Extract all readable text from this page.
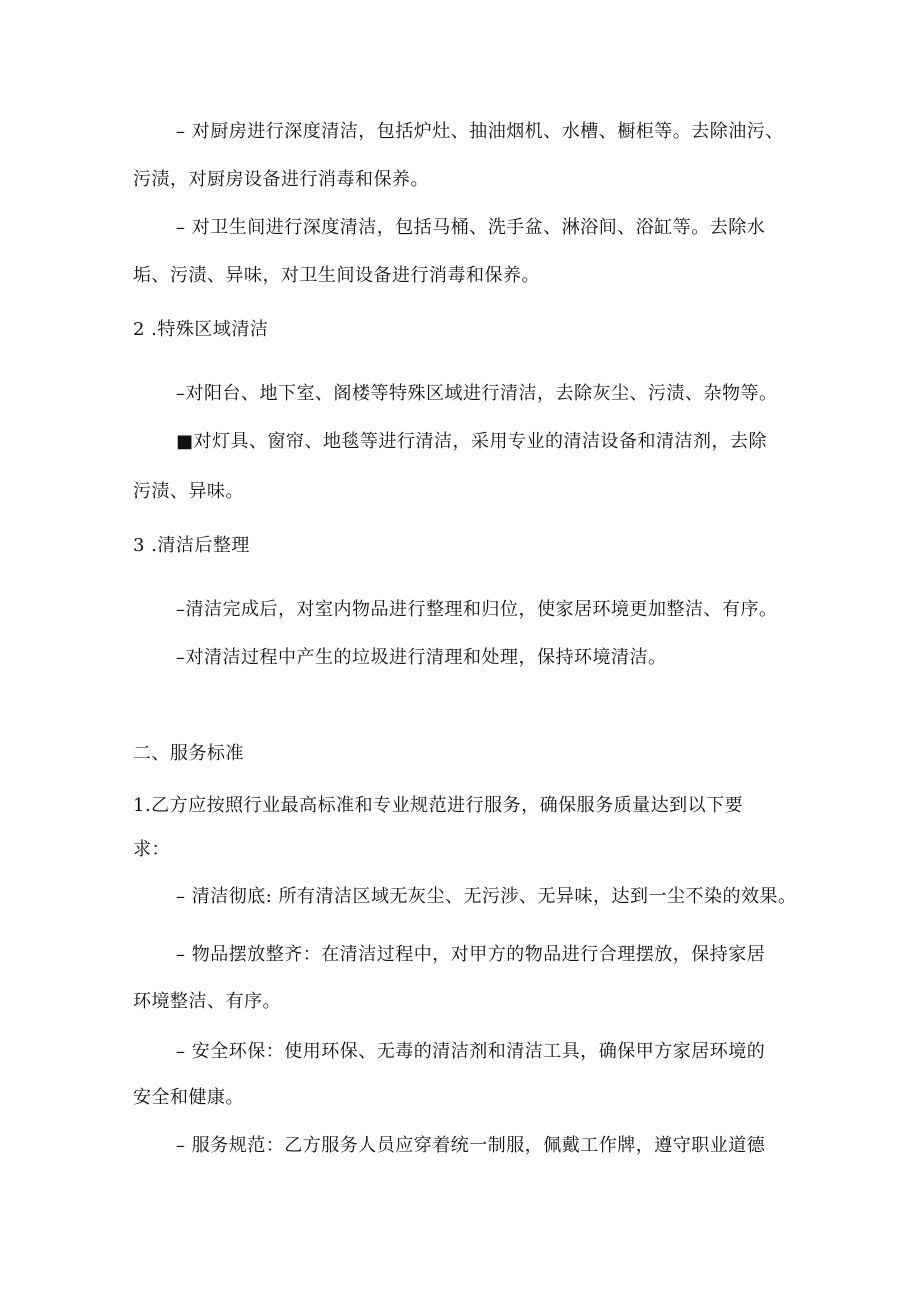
– 对厨房进行深度清洁，包括炉灶、抽油烟机、水槽、橱柜等。去除油污、
污渍，对厨房设备进行消毒和保养。
– 对卫生间进行深度清洁，包括马桶、洗手盆、淋浴间、浴缸等。去除水
垢、污渍、异味，对卫生间设备进行消毒和保养。
2 .特殊区域清洁
–对阳台、地下室、阁楼等特殊区域进行清洁，去除灰尘、污渍、杂物等。
■对灯具、窗帘、地毯等进行清洁，采用专业的清洁设备和清洁剂，去除
污渍、异味。
3 .清洁后整理
–清洁完成后，对室内物品进行整理和归位，使家居环境更加整洁、有序。
–对清洁过程中产生的垃圾进行清理和处理，保持环境清洁。
二、服务标准
1.乙方应按照行业最高标准和专业规范进行服务，确保服务质量达到以下要
求：
– 清洁彻底: 所有清洁区域无灰尘、无污涉、无异味，达到一尘不染的效果。
– 物品摆放整齐：在清洁过程中，对甲方的物品进行合理摆放，保持家居
环境整洁、有序。
– 安全环保：使用环保、无毒的清洁剂和清洁工具，确保甲方家居环境的
安全和健康。
– 服务规范：乙方服务人员应穿着统一制服，佩戴工作牌，遵守职业道德
